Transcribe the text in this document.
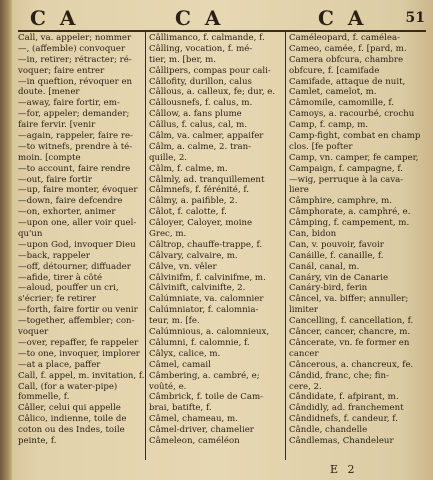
CA	CA	CA 51
Call, va. appeler; nommer
—, (affemble) convoquer
—in, retirer; rétracter; ré-
voquer; faire entrer
—in queftion, révoquer en
doute. [mener
—away, faire fortir, em-
—for, appeler; demander;
faire fervir. [venir
—again, rappeler, faire re-
—to witnefs, prendre à té-
moin. [compte
—to account, faire rendre
—out, faire fortir
—up, faire monter, évoquer
—down, faire defcendre
—on, exhorter, animer
—upon one, aller voir quel-
qu'un
—upon God, invoquer Dieu
—back, rappeler
—off, détourner, diffuader
—afide, tirer à côté
—aloud, pouffer un cri,
s'écrier; fe retirer
—forth, faire fortir ou venir
—together, affembler; con-
voquer
—over, repaffer, fe rappeler
—to one, invoquer, implorer
—at a place, paffer
Call, f. appel, m. invitation, f.
Call, (for a water-pipe)
fommelle, f.
Câller, celui qui appelle
Câlico, indienne, toile de
coton ou des Indes, toile
peinte, f.
Câllimanco, f. calmande, f.
Câlling, vocation, f. mé-
tier, m. [ber, m.
Câllipers, compas pour cali-
Câllofity, durillon, calus
Câllous, a. calleux, fe; dur, e.
Câllousnefs, f. calus, m.
Câllow, a. fans plume
Câllus, f. calus, cal, m.
Câlm, va. calmer, appaifer
Câlm, a. calme, 2. tran-
quille, 2.
Câlm, f. calme, m.
Câlmly, ad. tranquillement
Câlmnefs, f. férénité, f.
Câlmy, a. paifible, 2.
Câlot, f. calotte, f.
Câloyer, Caloyer, moine
Grec, m.
Câltrop, chauffe-trappe, f.
Câlvary, calvaire, m.
Câlve, vn. vêler
Câlvinifm, f. calvinifme, m.
Câlvinift, calvinifte, 2.
Calúmniate, va. calomnier
Calúmniator, f. calomnia-
teur, m. [fe.
Calúmnious, a. calomnieux,
Câlumni, f. calomnie, f.
Câlyx, calice, m.
Câmel, camail
Câmbering, a. cambré, e;
voûté, e.
Câmbrick, f. toile de Cam-
brai, batifte, f.
Câmel, chameau, m.
Câmel-driver, chamelier
Câmeleon, caméléon
Caméleopard, f. camélea-
Cameo, camée, f. [pard, m.
Camera obfcura, chambre
obfcure, f. [camifade
Camifade, attaque de nuit,
Camlet, camelot, m.
Câmomile, camomille, f.
Camoys, a. racourbé, crochu
Camp, f. camp, m.
Camp-fight, combat en champ
clos. [fe pofter
Camp, vn. camper, fe camper,
Campaign, f. campagne, f.
—wig, perruque à la cava-
liere
Câmphire, camphre, m.
Câmphorate, a. camphré, e.
Câmping, f. campement, m.
Can, bidon
Can, v. pouvoir, favoir
Canáille, f. canaille, f.
Canál, canal, m.
Canáry, vin de Canarie
Canáry-bird, ferin
Câncel, va. biffer; annuller;
limiter
Cancelling, f. cancellation, f.
Câncer, cancer, chancre, m.
Câncerate, vn. fe former en
cancer
Câncerous, a. chancreux, fe.
Cândid, franc, che; fin-
cere, 2.
Cândidate, f. afpirant, m.
Cândidly, ad. franchement
Cândidnefs, f. candeur, f.
Cândle, chandelle
Cândlemas, Chandeleur
E 2
